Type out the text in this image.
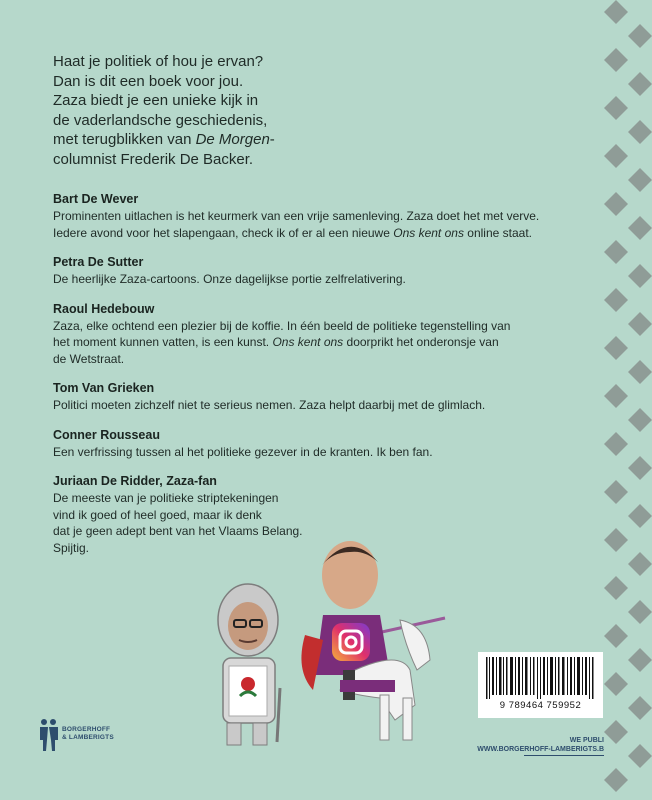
Haat je politiek of hou je ervan?
Dan is dit een boek voor jou.
Zaza biedt je een unieke kijk in
de vaderlandsche geschiedenis,
met terugblikken van De Morgen-
columnist Frederik De Backer.
Bart De Wever
Prominenten uitlachen is het keurmerk van een vrije samenleving. Zaza doet het met verve.
Iedere avond voor het slapengaan, check ik of er al een nieuwe Ons kent ons online staat.
Petra De Sutter
De heerlijke Zaza-cartoons. Onze dagelijkse portie zelfrelativering.
Raoul Hedebouw
Zaza, elke ochtend een plezier bij de koffie. In één beeld de politieke tegenstelling van
het moment kunnen vatten, is een kunst. Ons kent ons doorprikt het onderonsje van
de Wetstraat.
Tom Van Grieken
Politici moeten zichzelf niet te serieus nemen. Zaza helpt daarbij met de glimlach.
Conner Rousseau
Een verfrissing tussen al het politieke gezever in de kranten. Ik ben fan.
Juriaan De Ridder, Zaza-fan
De meeste van je politieke striptekeningen
vind ik goed of heel goed, maar ik denk
dat je geen adept bent van het Vlaams Belang.
Spijtig.
9 789464 759952
BORGERHOFF
& LAMBERIGTS	WE PUBLI
WWW.BORGERHOFF-LAMBERIGTS.B
